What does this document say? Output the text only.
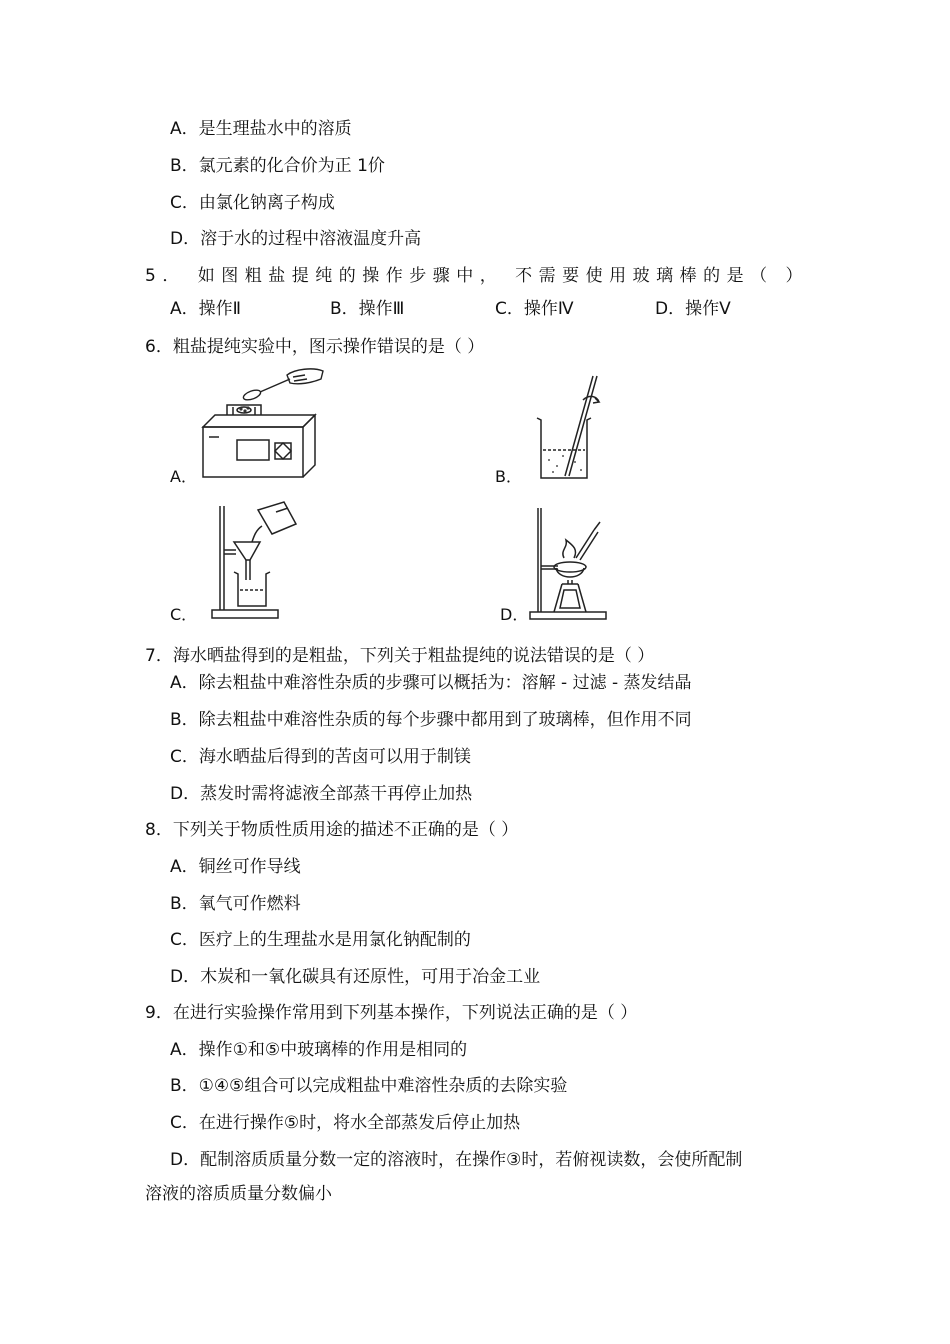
A．是生理盐水中的溶质
B．氯元素的化合价为正 1价
C．由氯化钠离子构成
D．溶于水的过程中溶液温度升高
5． 如图粗盐提纯的操作步骤中， 不需要使用玻璃棒的是（ ）
A．操作Ⅱ	B．操作Ⅲ	C．操作Ⅳ	D．操作Ⅴ
6．粗盐提纯实验中，图示操作错误的是（ ）
A．	B．
C．	D．
7．海水晒盐得到的是粗盐，下列关于粗盐提纯的说法错误的是（ ）
A．除去粗盐中难溶性杂质的步骤可以概括为：溶解 - 过滤 - 蒸发结晶
B．除去粗盐中难溶性杂质的每个步骤中都用到了玻璃棒，但作用不同
C．海水晒盐后得到的苦卤可以用于制镁
D．蒸发时需将滤液全部蒸干再停止加热
8．下列关于物质性质用途的描述不正确的是（ ）
A．铜丝可作导线
B．氧气可作燃料
C．医疗上的生理盐水是用氯化钠配制的
D．木炭和一氧化碳具有还原性，可用于冶金工业
9．在进行实验操作常用到下列基本操作，下列说法正确的是（ ）
A．操作①和⑤中玻璃棒的作用是相同的
B．①④⑤组合可以完成粗盐中难溶性杂质的去除实验
C．在进行操作⑤时，将水全部蒸发后停止加热
D．配制溶质质量分数一定的溶液时，在操作③时，若俯视读数，会使所配制
溶液的溶质质量分数偏小
